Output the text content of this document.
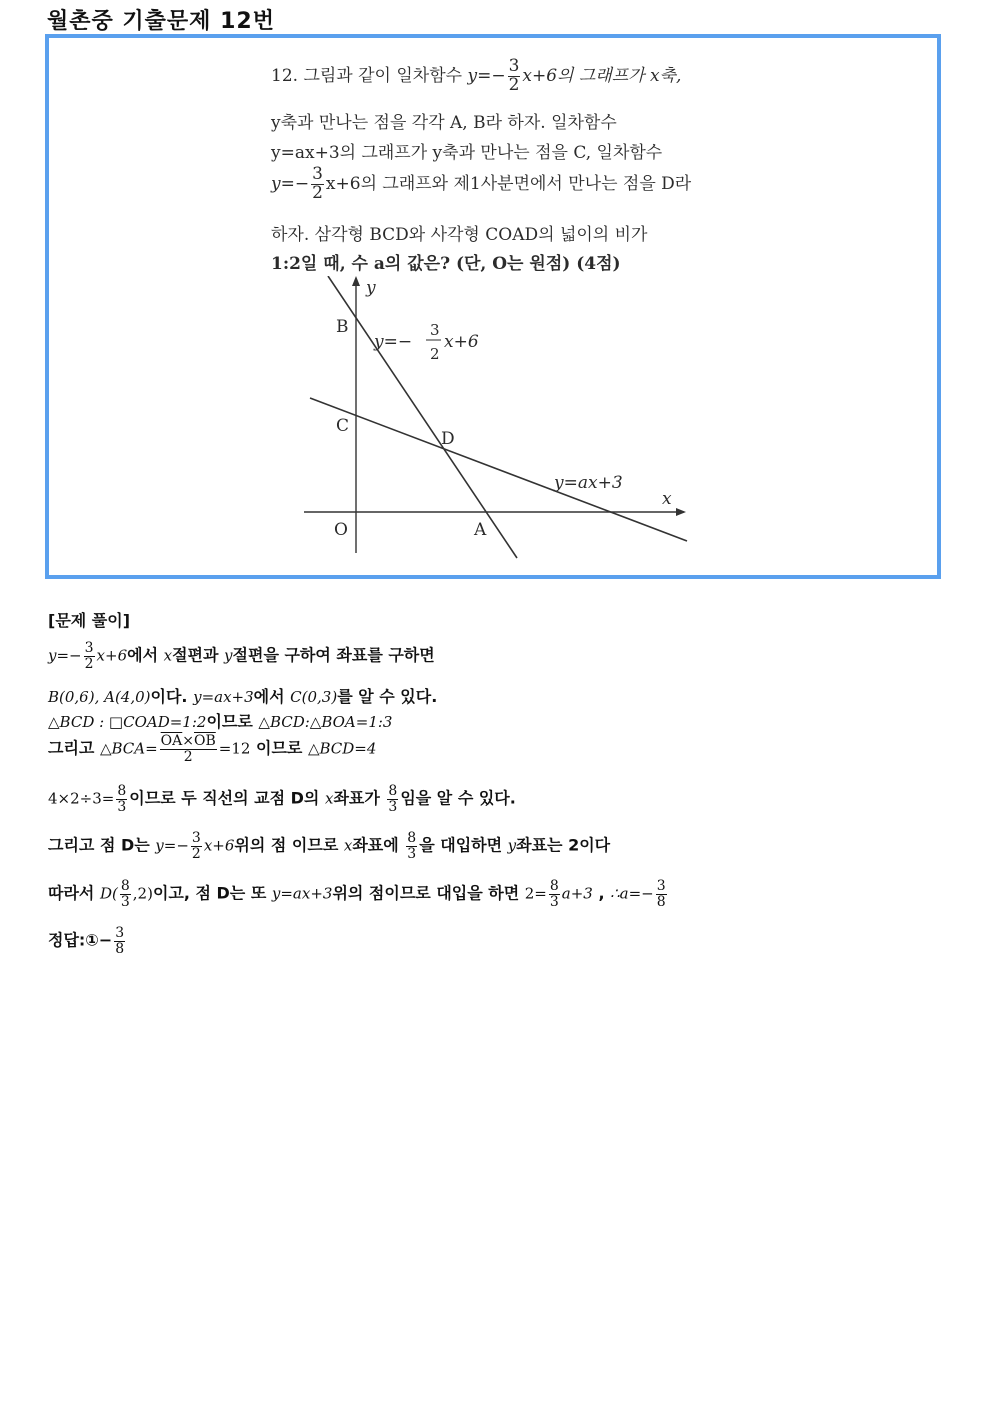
월촌중 기출문제 12번
12. 그림과 같이 일차함수 $y=- \frac{3}{2} x+6$의 그래프가 x축,
y축과 만나는 점을 각각 A, B라 하자. 일차함수
y=ax+3의 그래프가 y축과 만나는 점을 C, 일차함수
$y=- \frac{3}{2} x+6$의 그래프와 제1사분면에서 만나는 점을 D라
하자. 삼각형 BCD와 사각형 COAD의 넓이의 비가
1:2일 때, 수 a의 값은? (단, O는 원점) (4점)
y
x
B
C
D
O	A
y=−
3
2
x+6
y=ax+3
[문제 풀이]
$y=- \frac{3}{2} x+6$에서 x절편과 y절편을 구하여 좌표를 구하면
B(0,6), A(4,0)이다. y=ax+3에서 C(0,3)를 알 수 있다.
△BCD : □COAD=1:2이므로 △BCD:△BOA=1:3
그리고 △BCA= $\frac{\overline{OA}\times\overline{OB}}{2} =12$ 이므로 △BCD=4
$4\times 2\div 3= \frac{8}{3}$ 이므로 두 직선의 교점 D의 x좌표가 $\frac{8}{3}$ 임을 알 수 있다.
그리고 점 D는 $y=- \frac{3}{2} x+6$위의 점 이므로 x좌표에 $\frac{8}{3}$ 을 대입하면 y좌표는 2이다
따라서 $D( \frac{8}{3} ,2)$이고, 점 D는 또 y=ax+3위의 점이므로 대입을 하면 $2= \frac{8}{3} a+3$ , ∴a=− $\frac{3}{8}$
정답:①− $\frac{3}{8}$
